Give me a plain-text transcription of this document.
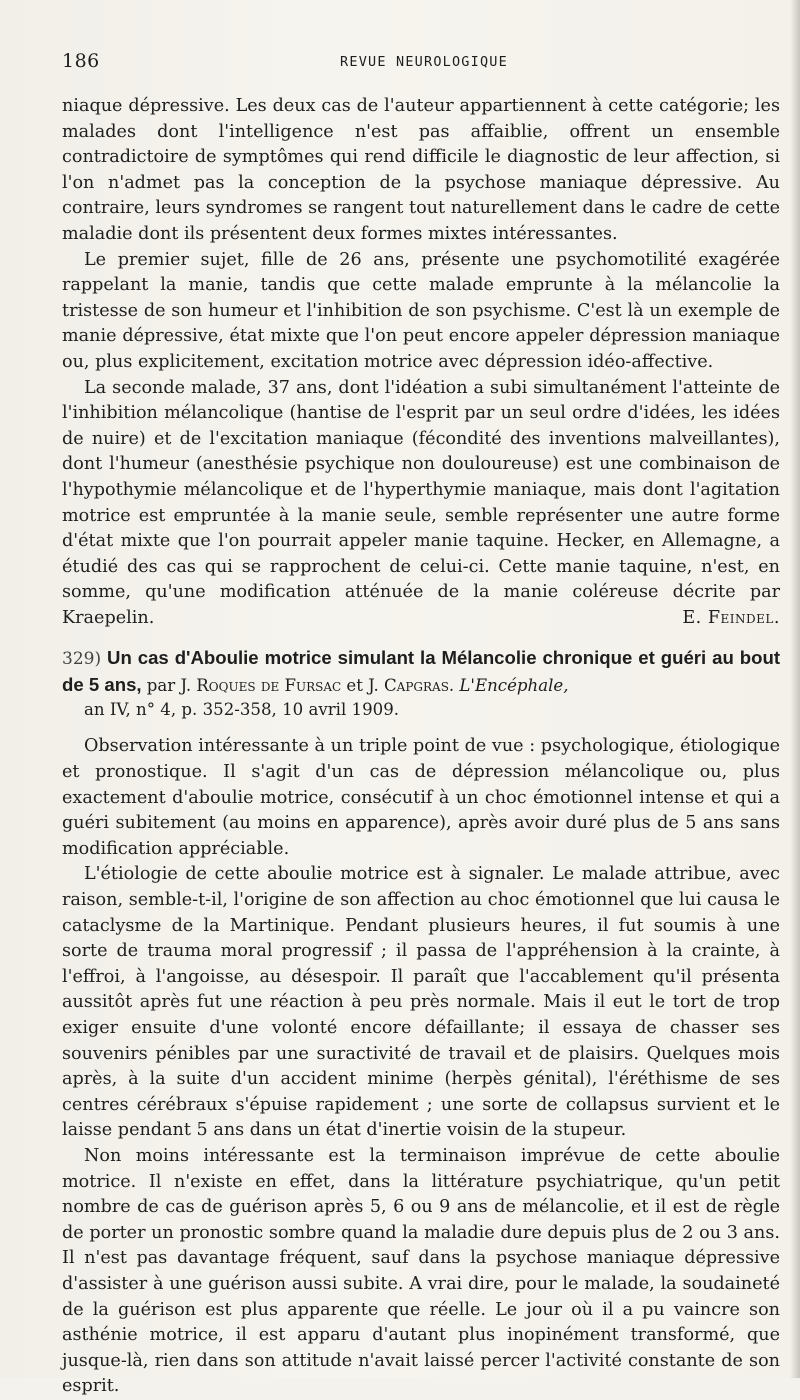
186	REVUE NEUROLOGIQUE

niaque dépressive. Les deux cas de l'auteur appartiennent à cette catégorie; les malades dont l'intelligence n'est pas affaiblie, offrent un ensemble contradictoire de symptômes qui rend difficile le diagnostic de leur affection, si l'on n'admet pas la conception de la psychose maniaque dépressive. Au contraire, leurs syndromes se rangent tout naturellement dans le cadre de cette maladie dont ils présentent deux formes mixtes intéressantes.

Le premier sujet, fille de 26 ans, présente une psychomotilité exagérée rappelant la manie, tandis que cette malade emprunte à la mélancolie la tristesse de son humeur et l'inhibition de son psychisme. C'est là un exemple de manie dépressive, état mixte que l'on peut encore appeler dépression maniaque ou, plus explicitement, excitation motrice avec dépression idéo-affective.

La seconde malade, 37 ans, dont l'idéation a subi simultanément l'atteinte de l'inhibition mélancolique (hantise de l'esprit par un seul ordre d'idées, les idées de nuire) et de l'excitation maniaque (fécondité des inventions malveillantes), dont l'humeur (anesthésie psychique non douloureuse) est une combinaison de l'hypothymie mélancolique et de l'hyperthymie maniaque, mais dont l'agitation motrice est empruntée à la manie seule, semble représenter une autre forme d'état mixte que l'on pourrait appeler manie taquine. Hecker, en Allemagne, a étudié des cas qui se rapprochent de celui-ci. Cette manie taquine, n'est, en somme, qu'une modification atténuée de la manie coléreuse décrite par Kraepelin.	E. Feindel.
329) Un cas d'Aboulie motrice simulant la Mélancolie chronique et guéri au bout de 5 ans, par J. Roques de Fursac et J. Capgras. L'Encéphale,
an IV, n° 4, p. 352-358, 10 avril 1909.

Observation intéressante à un triple point de vue : psychologique, étiologique et pronostique. Il s'agit d'un cas de dépression mélancolique ou, plus exactement d'aboulie motrice, consécutif à un choc émotionnel intense et qui a guéri subitement (au moins en apparence), après avoir duré plus de 5 ans sans modification appréciable.

L'étiologie de cette aboulie motrice est à signaler. Le malade attribue, avec raison, semble-t-il, l'origine de son affection au choc émotionnel que lui causa le cataclysme de la Martinique. Pendant plusieurs heures, il fut soumis à une sorte de trauma moral progressif ; il passa de l'appréhension à la crainte, à l'effroi, à l'angoisse, au désespoir. Il paraît que l'accablement qu'il présenta aussitôt après fut une réaction à peu près normale. Mais il eut le tort de trop exiger ensuite d'une volonté encore défaillante; il essaya de chasser ses souvenirs pénibles par une suractivité de travail et de plaisirs. Quelques mois après, à la suite d'un accident minime (herpès génital), l'éréthisme de ses centres cérébraux s'épuise rapidement ; une sorte de collapsus survient et le laisse pendant 5 ans dans un état d'inertie voisin de la stupeur.

Non moins intéressante est la terminaison imprévue de cette aboulie motrice. Il n'existe en effet, dans la littérature psychiatrique, qu'un petit nombre de cas de guérison après 5, 6 ou 9 ans de mélancolie, et il est de règle de porter un pronostic sombre quand la maladie dure depuis plus de 2 ou 3 ans. Il n'est pas davantage fréquent, sauf dans la psychose maniaque dépressive d'assister à une guérison aussi subite. A vrai dire, pour le malade, la soudaineté de la guérison est plus apparente que réelle. Le jour où il a pu vaincre son asthénie motrice, il est apparu d'autant plus inopinément transformé, que jusque-là, rien dans son attitude n'avait laissé percer l'activité constante de son esprit.
